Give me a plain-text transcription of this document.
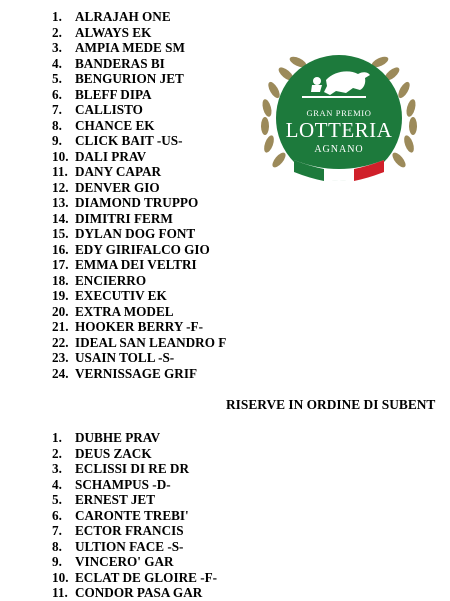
1. ALRAJAH ONE
2. ALWAYS EK
3. AMPIA MEDE SM
4. BANDERAS BI
5. BENGURION JET
6. BLEFF DIPA
7. CALLISTO
8. CHANCE EK
9. CLICK BAIT -US-
10. DALI PRAV
11. DANY CAPAR
12. DENVER GIO
13. DIAMOND TRUPPO
14. DIMITRI FERM
15. DYLAN DOG FONT
16. EDY GIRIFALCO GIO
17. EMMA DEI VELTRI
18. ENCIERRO
19. EXECUTIV EK
20. EXTRA MODEL
21. HOOKER BERRY -F-
22. IDEAL SAN LEANDRO F
23. USAIN TOLL -S-
24. VERNISSAGE GRIF
GRAN PREMIO
LOTTERIA
AGNANO
RISERVE IN ORDINE DI SUBENT
1. DUBHE PRAV
2. DEUS ZACK
3. ECLISSI DI RE DR
4. SCHAMPUS -D-
5. ERNEST JET
6. CARONTE TREBI'
7. ECTOR FRANCIS
8. ULTION FACE -S-
9. VINCERO' GAR
10. ECLAT DE GLOIRE -F-
11. CONDOR PASA GAR
